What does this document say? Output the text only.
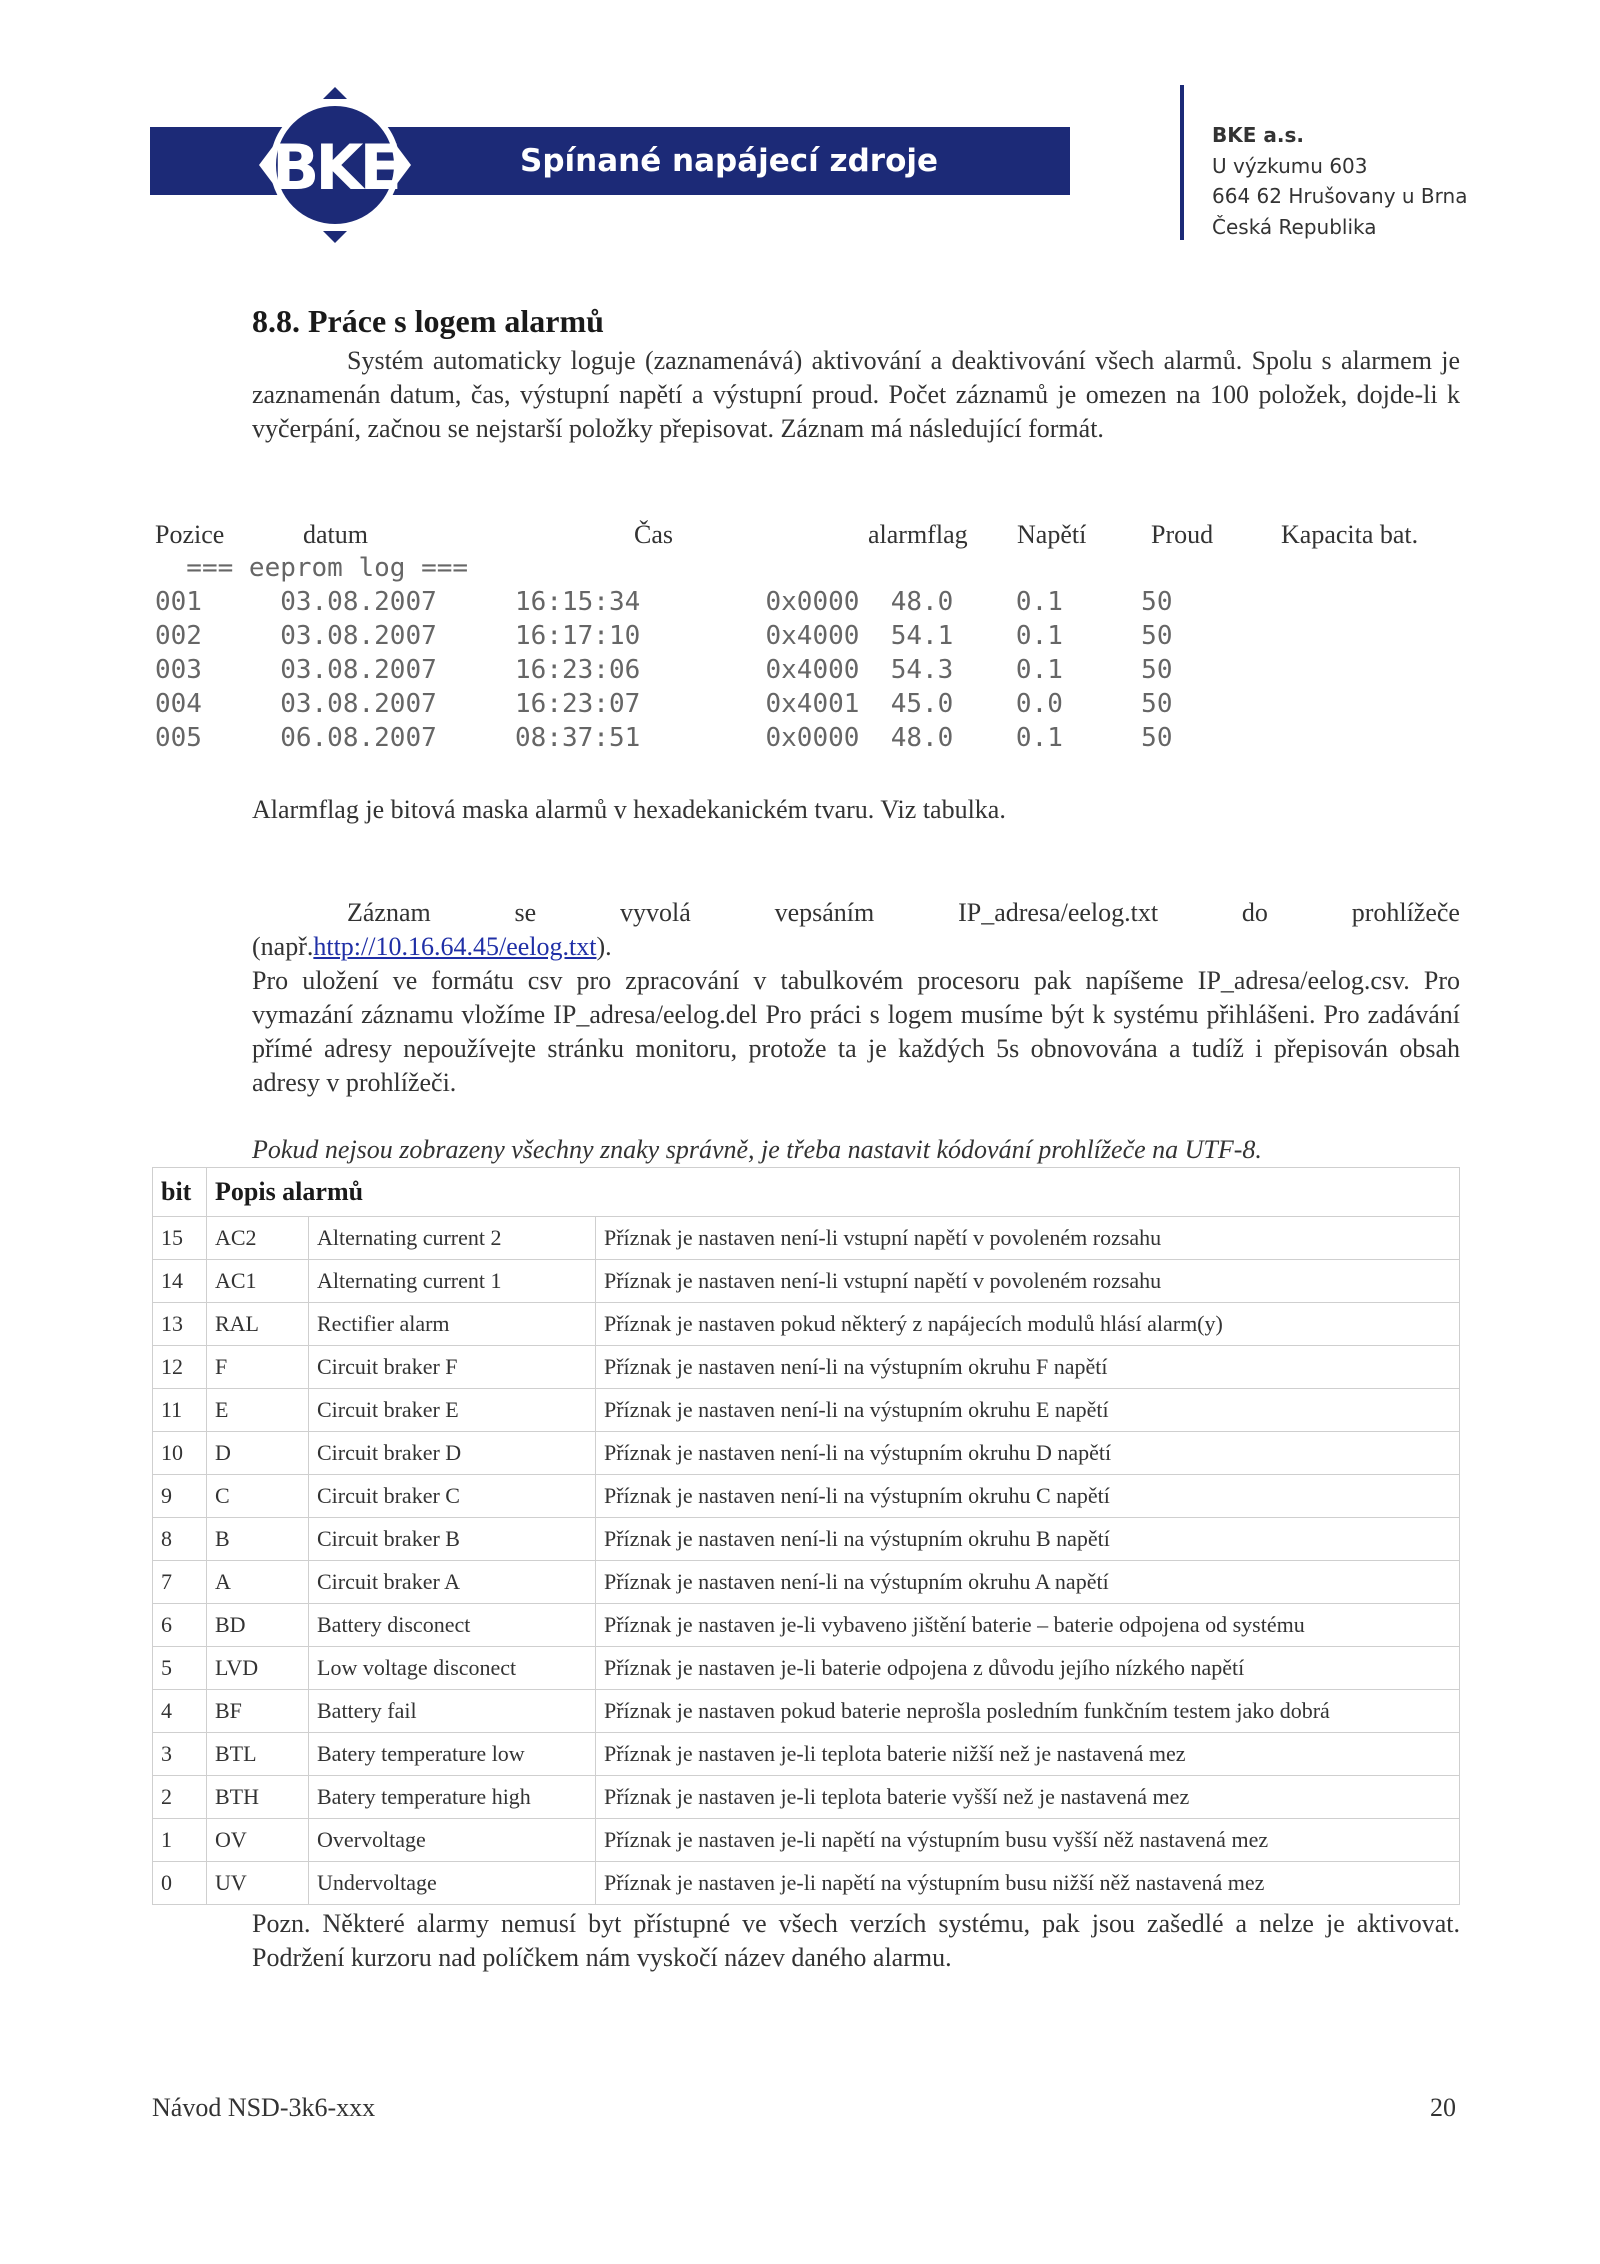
BKE	Spínané napájecí zdroje
BKE a.s.
U výzkumu 603
664 62 Hrušovany u Brna
Česká Republika
8.8. Práce s logem alarmů
Systém automaticky loguje (zaznamenává) aktivování a deaktivování všech alarmů. Spolu s alarmem je zaznamenán datum, čas, výstupní napětí a výstupní proud. Počet záznamů je omezen na 100 položek, dojde-li k vyčerpání, začnou se nejstarší položky přepisovat. Záznam má následující formát.
Pozice	datum	Čas	alarmflag Napětí Proud	Kapacita bat.
=== eeprom log ===
001     03.08.2007     16:15:34        0x0000  48.0    0.1     50
002     03.08.2007     16:17:10        0x4000  54.1    0.1     50
003     03.08.2007     16:23:06        0x4000  54.3    0.1     50
004     03.08.2007     16:23:07        0x4001  45.0    0.0     50
005     06.08.2007     08:37:51        0x0000  48.0    0.1     50
Alarmflag je bitová maska alarmů v hexadekanickém tvaru. Viz tabulka.
Záznam	se	vyvolá	vepsáním	IP_adresa/eelog.txt	do	prohlížeče
(např.http://10.16.64.45/eelog.txt).
Pro uložení ve formátu csv pro zpracování v tabulkovém procesoru pak napíšeme IP_adresa/eelog.csv. Pro vymazání záznamu vložíme IP_adresa/eelog.del Pro práci s logem musíme být k systému přihlášeni. Pro zadávání přímé adresy nepoužívejte stránku monitoru, protože ta je každých 5s obnovována a tudíž i přepisován obsah adresy v prohlížeči.
Pokud nejsou zobrazeny všechny znaky správně, je třeba nastavit kódování prohlížeče na UTF-8.
bit	Popis alarmů		
15	AC2	Alternating current 2	Příznak je nastaven není-li vstupní napětí v povoleném rozsahu
14	AC1	Alternating current 1	Příznak je nastaven není-li vstupní napětí v povoleném rozsahu
13	RAL	Rectifier alarm	Příznak je nastaven pokud některý z napájecích modulů hlásí alarm(y)
12	F	Circuit braker F	Příznak je nastaven není-li na výstupním okruhu F napětí
11	E	Circuit braker E	Příznak je nastaven není-li na výstupním okruhu E napětí
10	D	Circuit braker D	Příznak je nastaven není-li na výstupním okruhu D napětí
9	C	Circuit braker C	Příznak je nastaven není-li na výstupním okruhu C napětí
8	B	Circuit braker B	Příznak je nastaven není-li na výstupním okruhu B napětí
7	A	Circuit braker A	Příznak je nastaven není-li na výstupním okruhu A napětí
6	BD	Battery disconect	Příznak je nastaven je-li vybaveno jištění baterie – baterie odpojena od systému
5	LVD	Low voltage disconect	Příznak je nastaven je-li baterie odpojena z důvodu jejího nízkého napětí
4	BF	Battery fail	Příznak je nastaven pokud baterie neprošla posledním funkčním testem jako dobrá
3	BTL	Batery temperature low	Příznak je nastaven je-li teplota baterie nižší než je nastavená mez
2	BTH	Batery temperature high	Příznak je nastaven je-li teplota baterie vyšší než je nastavená mez
1	OV	Overvoltage	Příznak je nastaven je-li napětí na výstupním busu vyšší něž nastavená mez
0	UV	Undervoltage	Příznak je nastaven je-li napětí na výstupním busu nižší něž nastavená mez
Pozn. Některé alarmy nemusí byt přístupné ve všech verzích systému, pak jsou zašedlé a nelze je aktivovat. Podržení kurzoru nad políčkem nám vyskočí název daného alarmu.
Návod NSD-3k6-xxx	20
